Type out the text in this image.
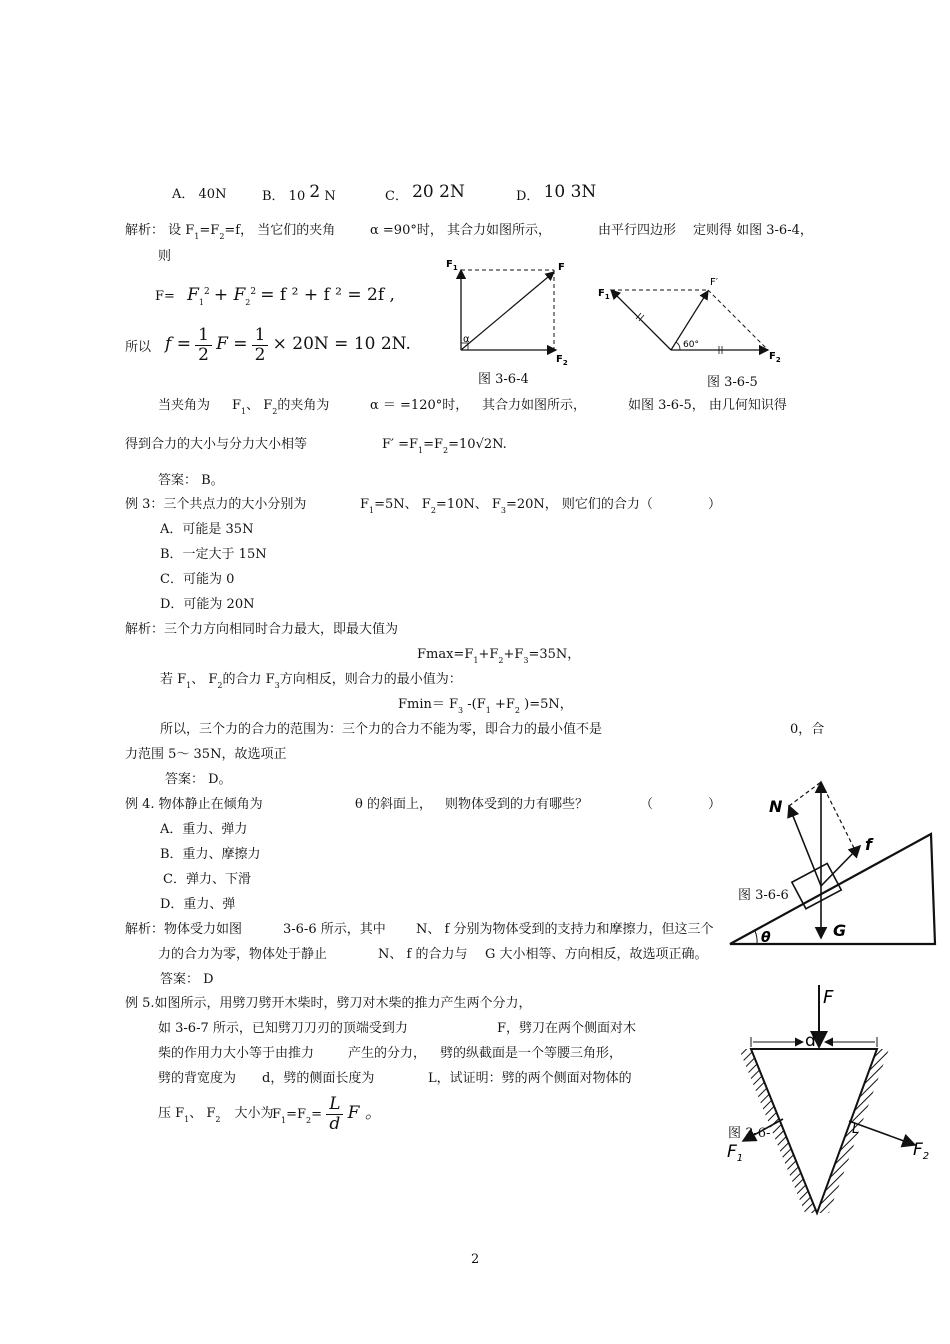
A． 40N	B． 10 2 N	C． 20 2N	D． 10 3N
解析： 设 $F_1=F_2=f$， 当它们的夹角	α =90°时， 其合力如图所示，	由平行四边形 定则得 如图 3-6-4，
则
$F= F_1^2 + F_2^2 = f$ ² + f ² = 2f ,
所以 $f = \frac{1}{2}$ $F = \frac{1}{2} \times 20N = 10$ 2N.
$F_1$	F
$F_2$
α
图 3-6-4
$F_1$
F′
$F_2$
60°
图 3-6-5
当夹角为 $F_1$、 $F_2$的夹角为	α ＝ =120°时， 其合力如图所示，	如图 3-6-5， 由几何知识得
得到合力的大小与分力大小相等	$F' =F_1=F_2=10√2N$.
答案： B。
例 3：三个共点力的大小分别为	$F_1=5N$、 $F_2=10N$、 $F_3=20N$， 则它们的合力（	）
A．可能是 35N
B．一定大于 15N
C．可能为 0
D．可能为 20N
解析：三个力方向相同时合力最大，即最大值为
$Fmax=F_1+F_2+F_3=35N$，
若 $F_1$、 $F_2$的合力 $F_3$方向相反，则合力的最小值为：
$Fmin= F_3$ $-(F_1 +F_2$ )=5N，
所以，三个力的合力的范围为：三个力的合力不能为零，即合力的最小值不是	0，合
力范围 5～ 35N，故选项正
答案： D。
例 4. 物体静止在倾角为	θ 的斜面上， 则物体受到的力有哪些？	（	）
A．重力、弹力
B．重力、摩擦力
C．弹力、下滑
D．重力、弹
解析：物体受力如图	3-6-6 所示，其中 N、 f 分别为物体受到的支持力和摩擦力，但这三个
力的合力为零，物体处于静止	N、 f 的合力与 G 大小相等、方向相反，故选项正确。
答案： D
N
f
G
θ
图 3-6-6
例 5.如图所示，用劈刀劈开木柴时，劈刀对木柴的推力产生两个分力，
如 3-6-7 所示，已知劈刀刀刃的顶端受到力	F，劈刀在两个侧面对木
柴的作用力大小等于由推力	产生的分力， 劈的纵截面是一个等腰三角形，
劈的背宽度为 d，劈的侧面长度为	L，试证明：劈的两个侧面对物体的
压 $F_1$、 $F_2$ 大小为
$F_1=F_2= \frac{L}{d}$ F 。
F
d
L
$F_1$	$F_2$
图 3-6-
2
